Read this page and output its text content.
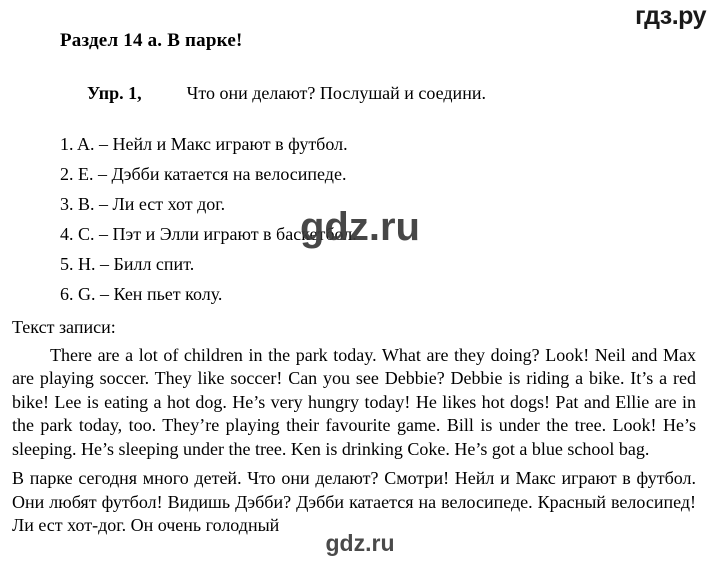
гдз.ру
Раздел 14 a. В парке!

Упр. 1,	Что они делают? Послушай и соедини.

1. A. – Нейл и Макс играют в футбол.
2. E. – Дэбби катается на велосипеде.
3. B. – Ли ест хот дог.
4. C. – Пэт и Элли играют в баскетбол.
5. H. – Билл спит.
6. G. – Кен пьет колу.
Текст записи:
There are a lot of children in the park today. What are they doing? Look! Neil and Max are playing soccer. They like soccer! Can you see Debbie? Debbie is riding a bike. It’s a red bike! Lee is eating a hot dog. He’s very hungry today! He likes hot dogs! Pat and Ellie are in the park today, too. They’re playing their favourite game. Bill is under the tree. Look! He’s sleeping. He’s sleeping under the tree. Ken is drinking Coke. He’s got a blue school bag.
В парке сегодня много детей. Что они делают? Смотри! Нейл и Макс играют в футбол. Они любят футбол! Видишь Дэбби? Дэбби катается на велосипеде. Красный велосипед! Ли ест хот-дог. Он очень голодный
gdz.ru
gdz.ru
